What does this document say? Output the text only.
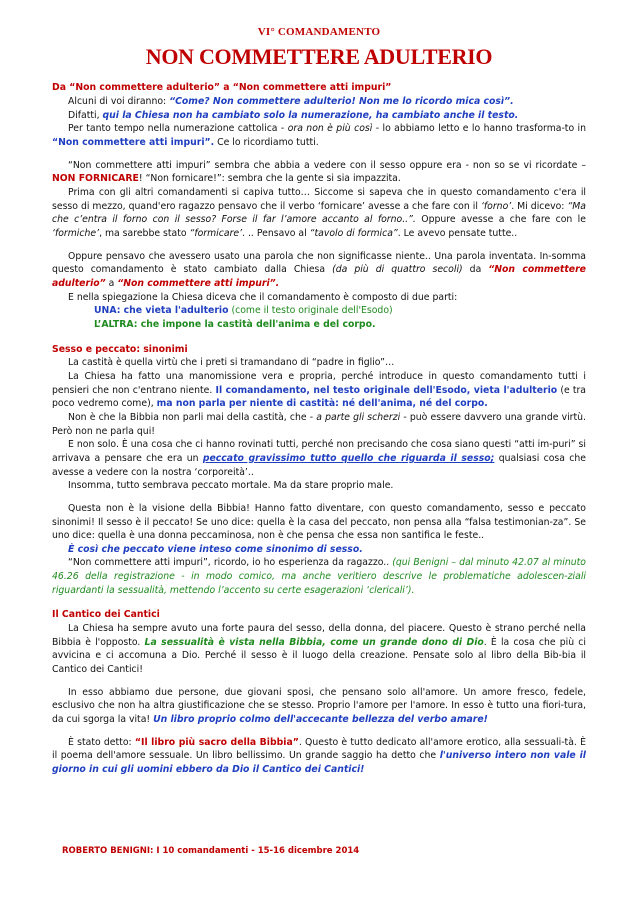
VI° COMANDAMENTO
NON COMMETTERE ADULTERIO

Da “Non commettere adulterio” a “Non commettere atti impuri”

Alcuni di voi diranno: “Come? Non commettere adulterio! Non me lo ricordo mica così”.

Difatti, qui la Chiesa non ha cambiato solo la numerazione, ha cambiato anche il testo.

Per tanto tempo nella numerazione cattolica - ora non è più così - lo abbiamo letto e lo hanno trasforma-to in “Non commettere atti impuri”. Ce lo ricordiamo tutti.

“Non commettere atti impuri” sembra che abbia a vedere con il sesso oppure era - non so se vi ricordate – NON FORNICARE! “Non fornicare!”: sembra che la gente si sia impazzita.

Prima con gli altri comandamenti si capiva tutto… Siccome si sapeva che in questo comandamento c'era il sesso di mezzo, quand'ero ragazzo pensavo che il verbo ‘fornicare’ avesse a che fare con il ‘forno’. Mi dicevo: “Ma che c’entra il forno con il sesso? Forse il far l’amore accanto al forno..”. Oppure avesse a che fare con le ‘formiche’, ma sarebbe stato “formicare’. .. Pensavo al “tavolo di formica”. Le avevo pensate tutte..

Oppure pensavo che avessero usato una parola che non significasse niente.. Una parola inventata. In-somma questo comandamento è stato cambiato dalla Chiesa (da più di quattro secoli) da “Non commettere adulterio” a “Non commettere atti impuri”.

E nella spiegazione la Chiesa diceva che il comandamento è composto di due parti:

UNA: che vieta l'adulterio (come il testo originale dell'Esodo)

L’ALTRA: che impone la castità dell'anima e del corpo.

Sesso e peccato: sinonimi

La castità è quella virtù che i preti si tramandano di “padre in figlio”…

La Chiesa ha fatto una manomissione vera e propria, perché introduce in questo comandamento tutti i pensieri che non c'entrano niente. Il comandamento, nel testo originale dell'Esodo, vieta l'adulterio (e tra poco vedremo come), ma non parla per niente di castità: né dell'anima, né del corpo.

Non è che la Bibbia non parli mai della castità, che - a parte gli scherzi - può essere davvero una grande virtù. Però non ne parla qui!

E non solo. È una cosa che ci hanno rovinati tutti, perché non precisando che cosa siano questi “atti im-puri” si arrivava a pensare che era un peccato gravissimo tutto quello che riguarda il sesso; qualsiasi cosa che avesse a vedere con la nostra ‘corporeità’..

Insomma, tutto sembrava peccato mortale. Ma da stare proprio male.

Questa non è la visione della Bibbia! Hanno fatto diventare, con questo comandamento, sesso e peccato sinonimi! Il sesso è il peccato! Se uno dice: quella è la casa del peccato, non pensa alla “falsa testimonian-za”. Se uno dice: quella è una donna peccaminosa, non è che pensa che essa non santifica le feste..

È così che peccato viene inteso come sinonimo di sesso.

“Non commettere atti impuri”, ricordo, io ho esperienza da ragazzo.. (qui Benigni – dal minuto 42.07 al minuto 46.26 della registrazione - in modo comico, ma anche veritiero descrive le problematiche adolescen-ziali riguardanti la sessualità, mettendo l’accento su certe esagerazioni ‘clericali’).

Il Cantico dei Cantici

La Chiesa ha sempre avuto una forte paura del sesso, della donna, del piacere. Questo è strano perché nella Bibbia è l'opposto. La sessualità è vista nella Bibbia, come un grande dono di Dio. È la cosa che più ci avvicina e ci accomuna a Dio. Perché il sesso è il luogo della creazione. Pensate solo al libro della Bib-bia il Cantico dei Cantici!

In esso abbiamo due persone, due giovani sposi, che pensano solo all'amore. Un amore fresco, fedele, esclusivo che non ha altra giustificazione che se stesso. Proprio l'amore per l'amore. In esso è tutto una fiori-tura, da cui sgorga la vita! Un libro proprio colmo dell'accecante bellezza del verbo amare!

È stato detto: “Il libro più sacro della Bibbia”. Questo è tutto dedicato all'amore erotico, alla sessuali-tà. È il poema dell'amore sessuale. Un libro bellissimo. Un grande saggio ha detto che l'universo intero non vale il giorno in cui gli uomini ebbero da Dio il Cantico dei Cantici!

ROBERTO BENIGNI: I 10 comandamenti - 15-16 dicembre 2014
